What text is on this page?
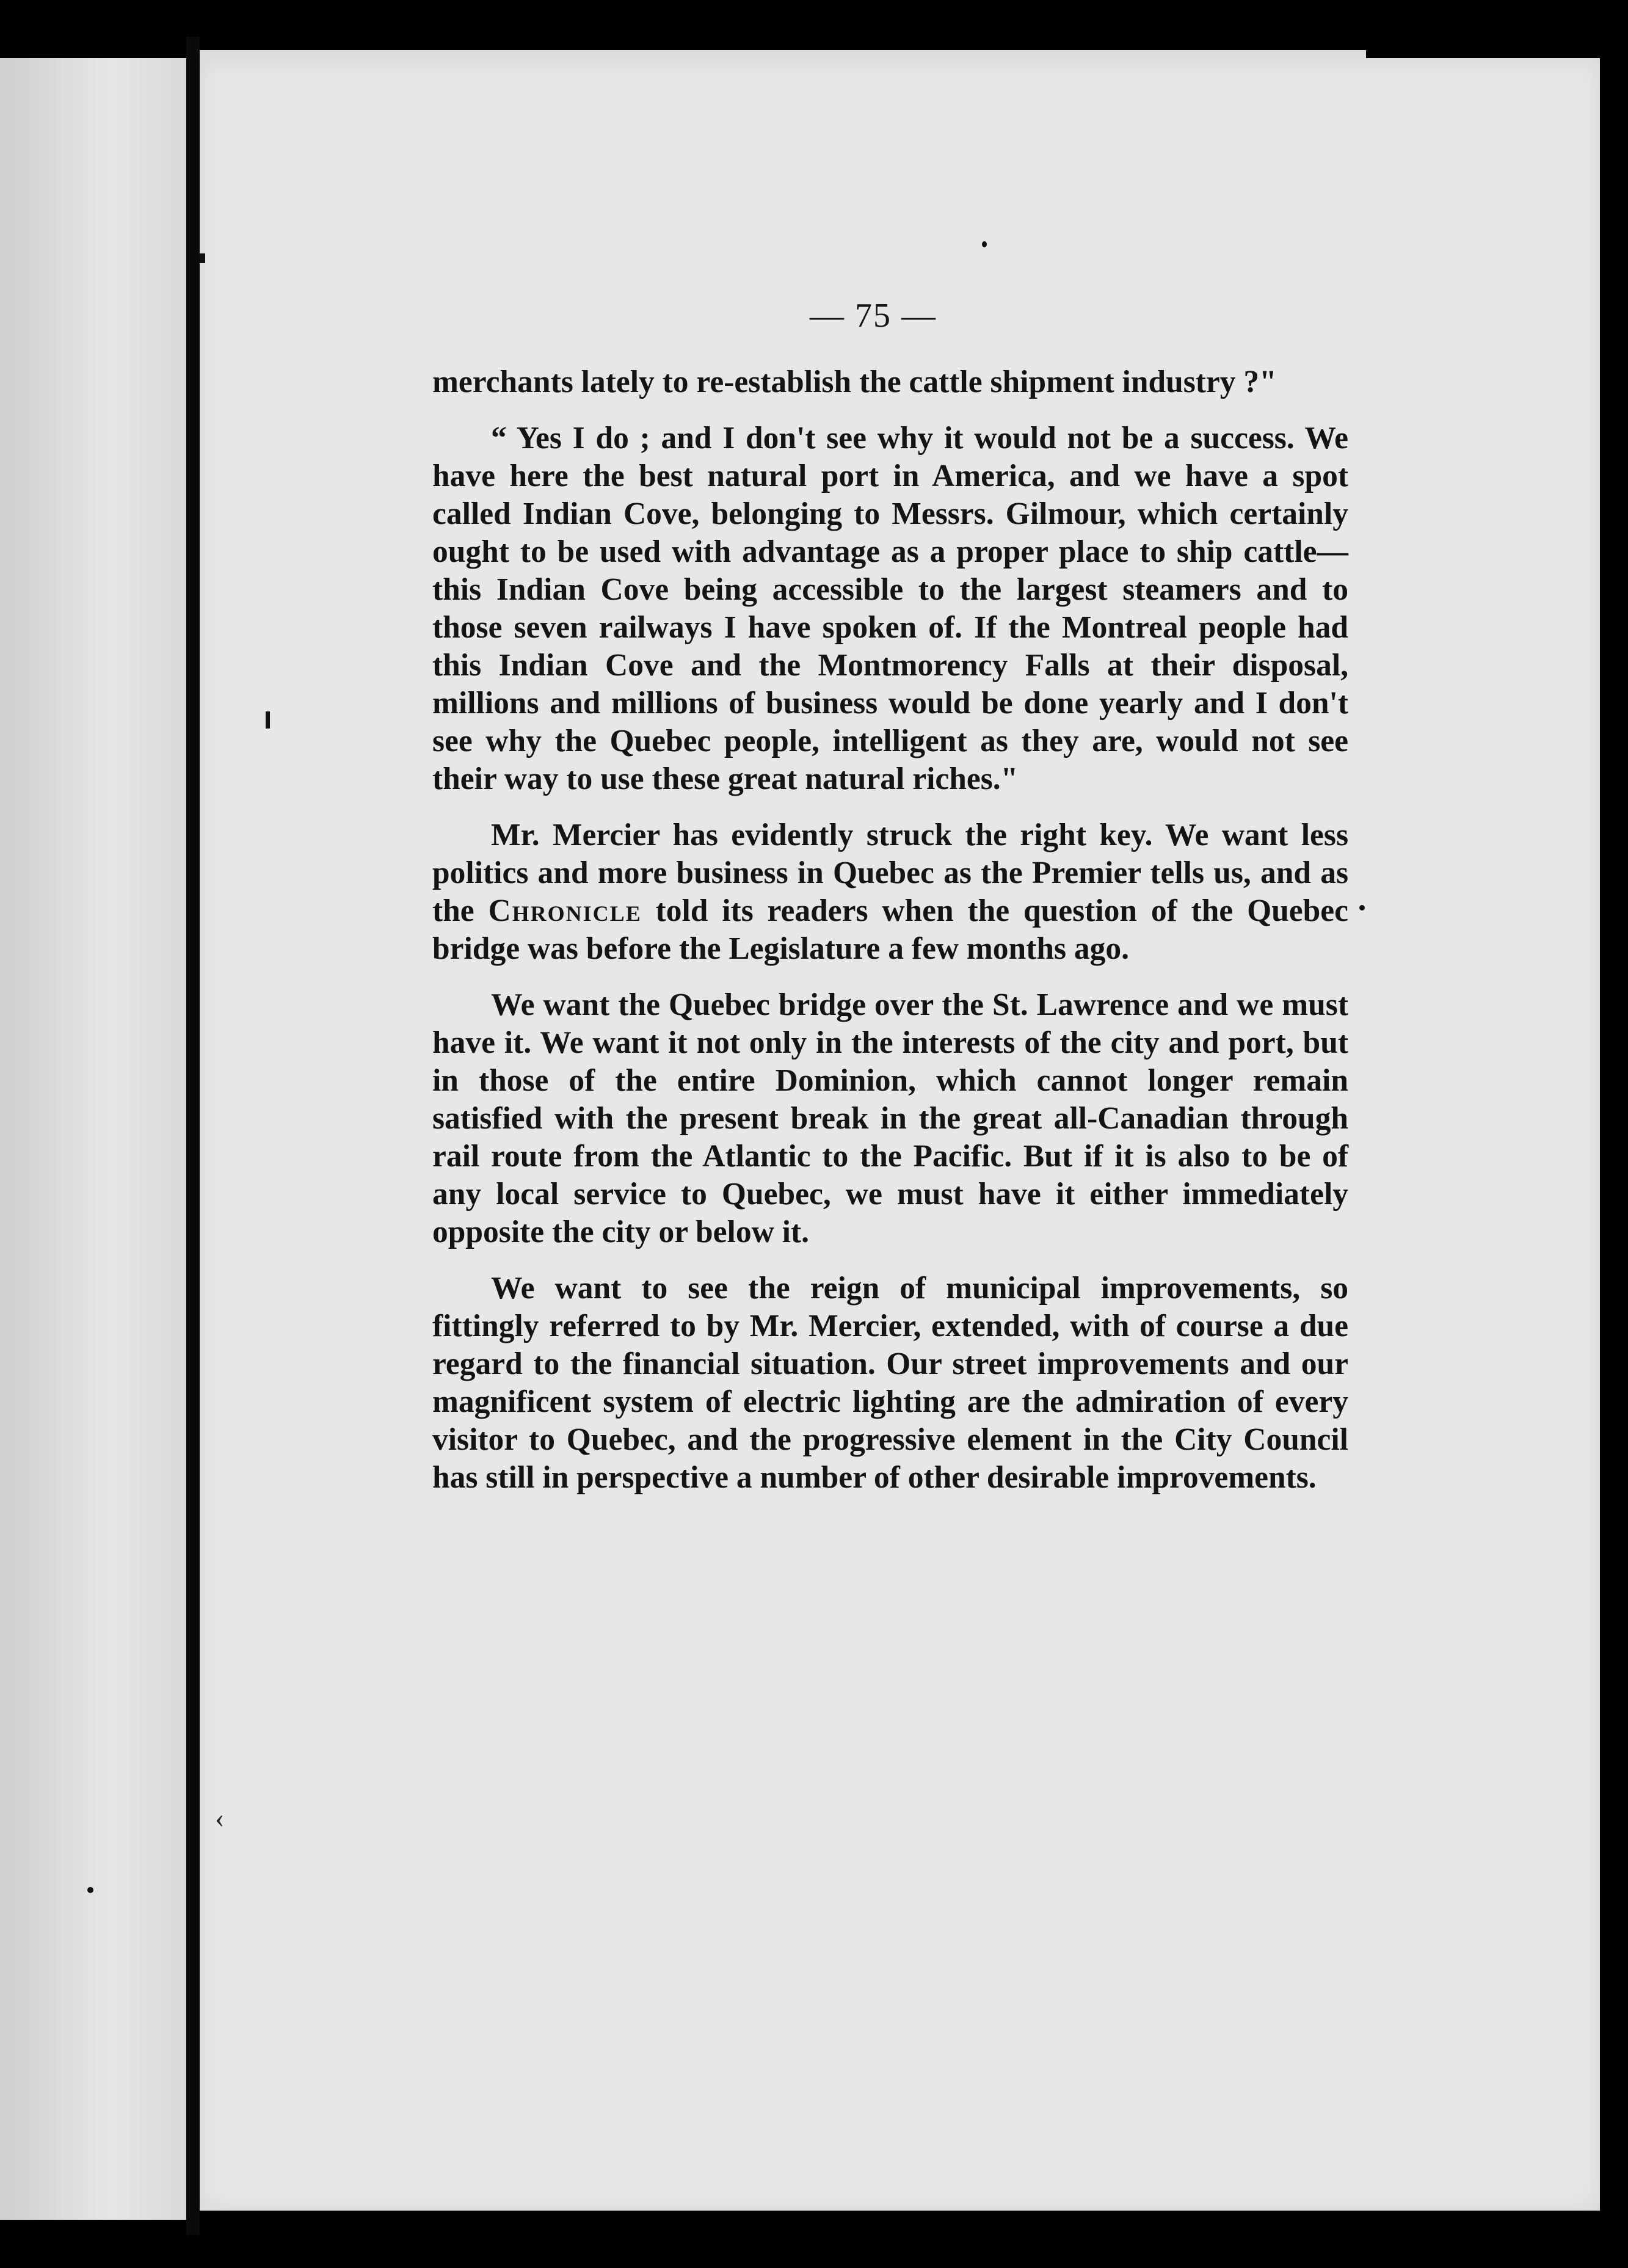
‹
— 75 —

merchants lately to re-establish the cattle shipment industry ?"

“ Yes I do ; and I don't see why it would not be a success. We have here the best natural port in America, and we have a spot called Indian Cove, belonging to Messrs. Gilmour, which certainly ought to be used with advantage as a proper place to ship cattle—this Indian Cove being accessible to the largest steamers and to those seven railways I have spoken of. If the Montreal people had this Indian Cove and the Montmorency Falls at their disposal, millions and millions of business would be done yearly and I don't see why the Quebec people, intelligent as they are, would not see their way to use these great natural riches."

Mr. Mercier has evidently struck the right key. We want less politics and more business in Quebec as the Premier tells us, and as the Chronicle told its readers when the question of the Quebec bridge was before the Legislature a few months ago.

We want the Quebec bridge over the St. Lawrence and we must have it. We want it not only in the interests of the city and port, but in those of the entire Dominion, which cannot longer remain satisfied with the present break in the great all-Canadian through rail route from the Atlantic to the Pacific. But if it is also to be of any local service to Quebec, we must have it either immediately opposite the city or below it.

We want to see the reign of municipal improvements, so fittingly referred to by Mr. Mercier, extended, with of course a due regard to the financial situation. Our street improvements and our magnificent system of electric lighting are the admiration of every visitor to Quebec, and the progressive element in the City Council has still in perspective a number of other desirable improvements.
